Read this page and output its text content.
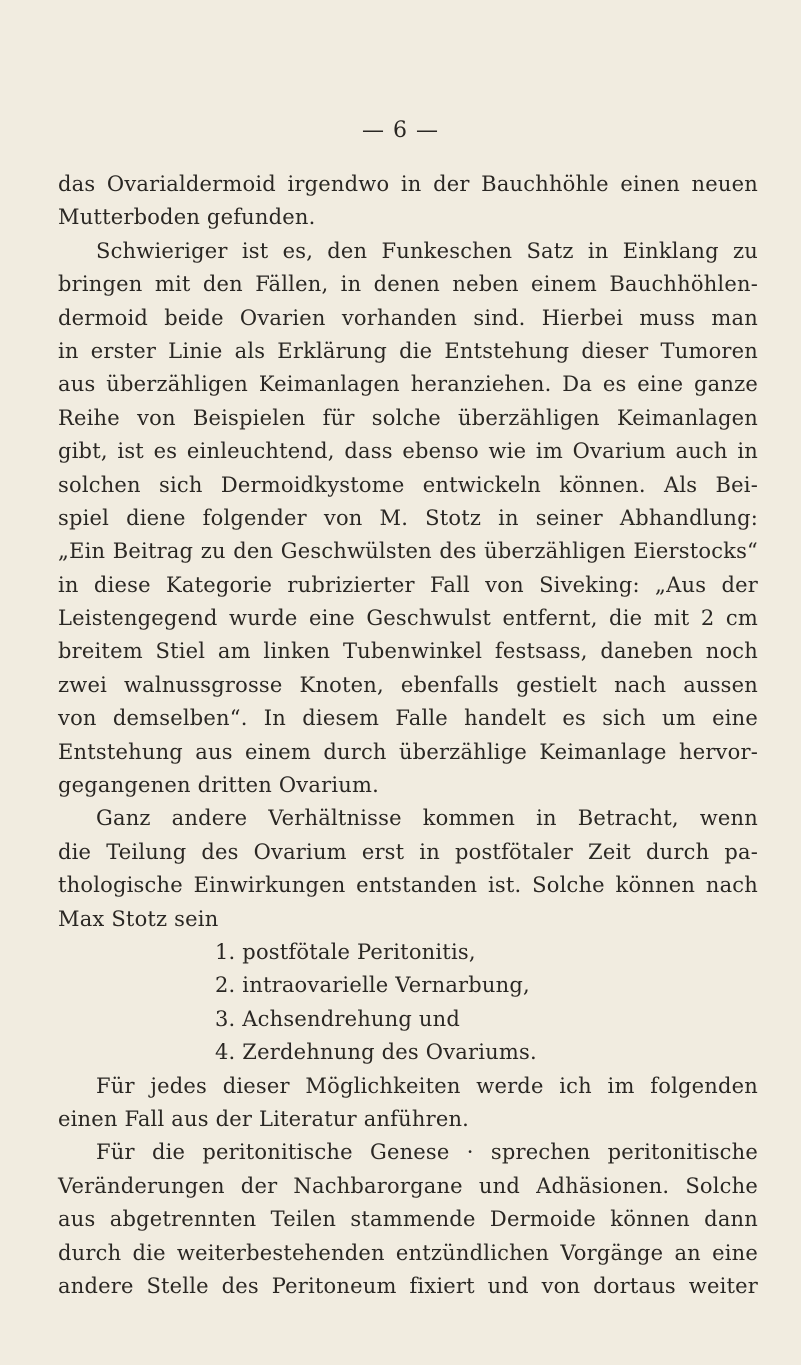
— 6 —
das Ovarialdermoid irgendwo in der Bauchhöhle einen neuen
Mutterboden gefunden.
Schwieriger ist es, den Funkeschen Satz in Einklang zu
bringen mit den Fällen, in denen neben einem Bauchhöhlen-
dermoid beide Ovarien vorhanden sind. Hierbei muss man
in erster Linie als Erklärung die Entstehung dieser Tumoren
aus überzähligen Keimanlagen heranziehen. Da es eine ganze
Reihe von Beispielen für solche überzähligen Keimanlagen
gibt, ist es einleuchtend, dass ebenso wie im Ovarium auch in
solchen sich Dermoidkystome entwickeln können. Als Bei-
spiel diene folgender von M. Stotz in seiner Abhandlung:
„Ein Beitrag zu den Geschwülsten des überzähligen Eierstocks“
in diese Kategorie rubrizierter Fall von Siveking: „Aus der
Leistengegend wurde eine Geschwulst entfernt, die mit 2 cm
breitem Stiel am linken Tubenwinkel festsass, daneben noch
zwei walnussgrosse Knoten, ebenfalls gestielt nach aussen
von demselben“. In diesem Falle handelt es sich um eine
Entstehung aus einem durch überzählige Keimanlage hervor-
gegangenen dritten Ovarium.
Ganz andere Verhältnisse kommen in Betracht, wenn
die Teilung des Ovarium erst in postfötaler Zeit durch pa-
thologische Einwirkungen entstanden ist. Solche können nach
Max Stotz sein
1. postfötale Peritonitis,
2. intraovarielle Vernarbung,
3. Achsendrehung und
4. Zerdehnung des Ovariums.
Für jedes dieser Möglichkeiten werde ich im folgenden
einen Fall aus der Literatur anführen.
Für die peritonitische Genese · sprechen peritonitische
Veränderungen der Nachbarorgane und Adhäsionen. Solche
aus abgetrennten Teilen stammende Dermoide können dann
durch die weiterbestehenden entzündlichen Vorgänge an eine
andere Stelle des Peritoneum fixiert und von dortaus weiter
